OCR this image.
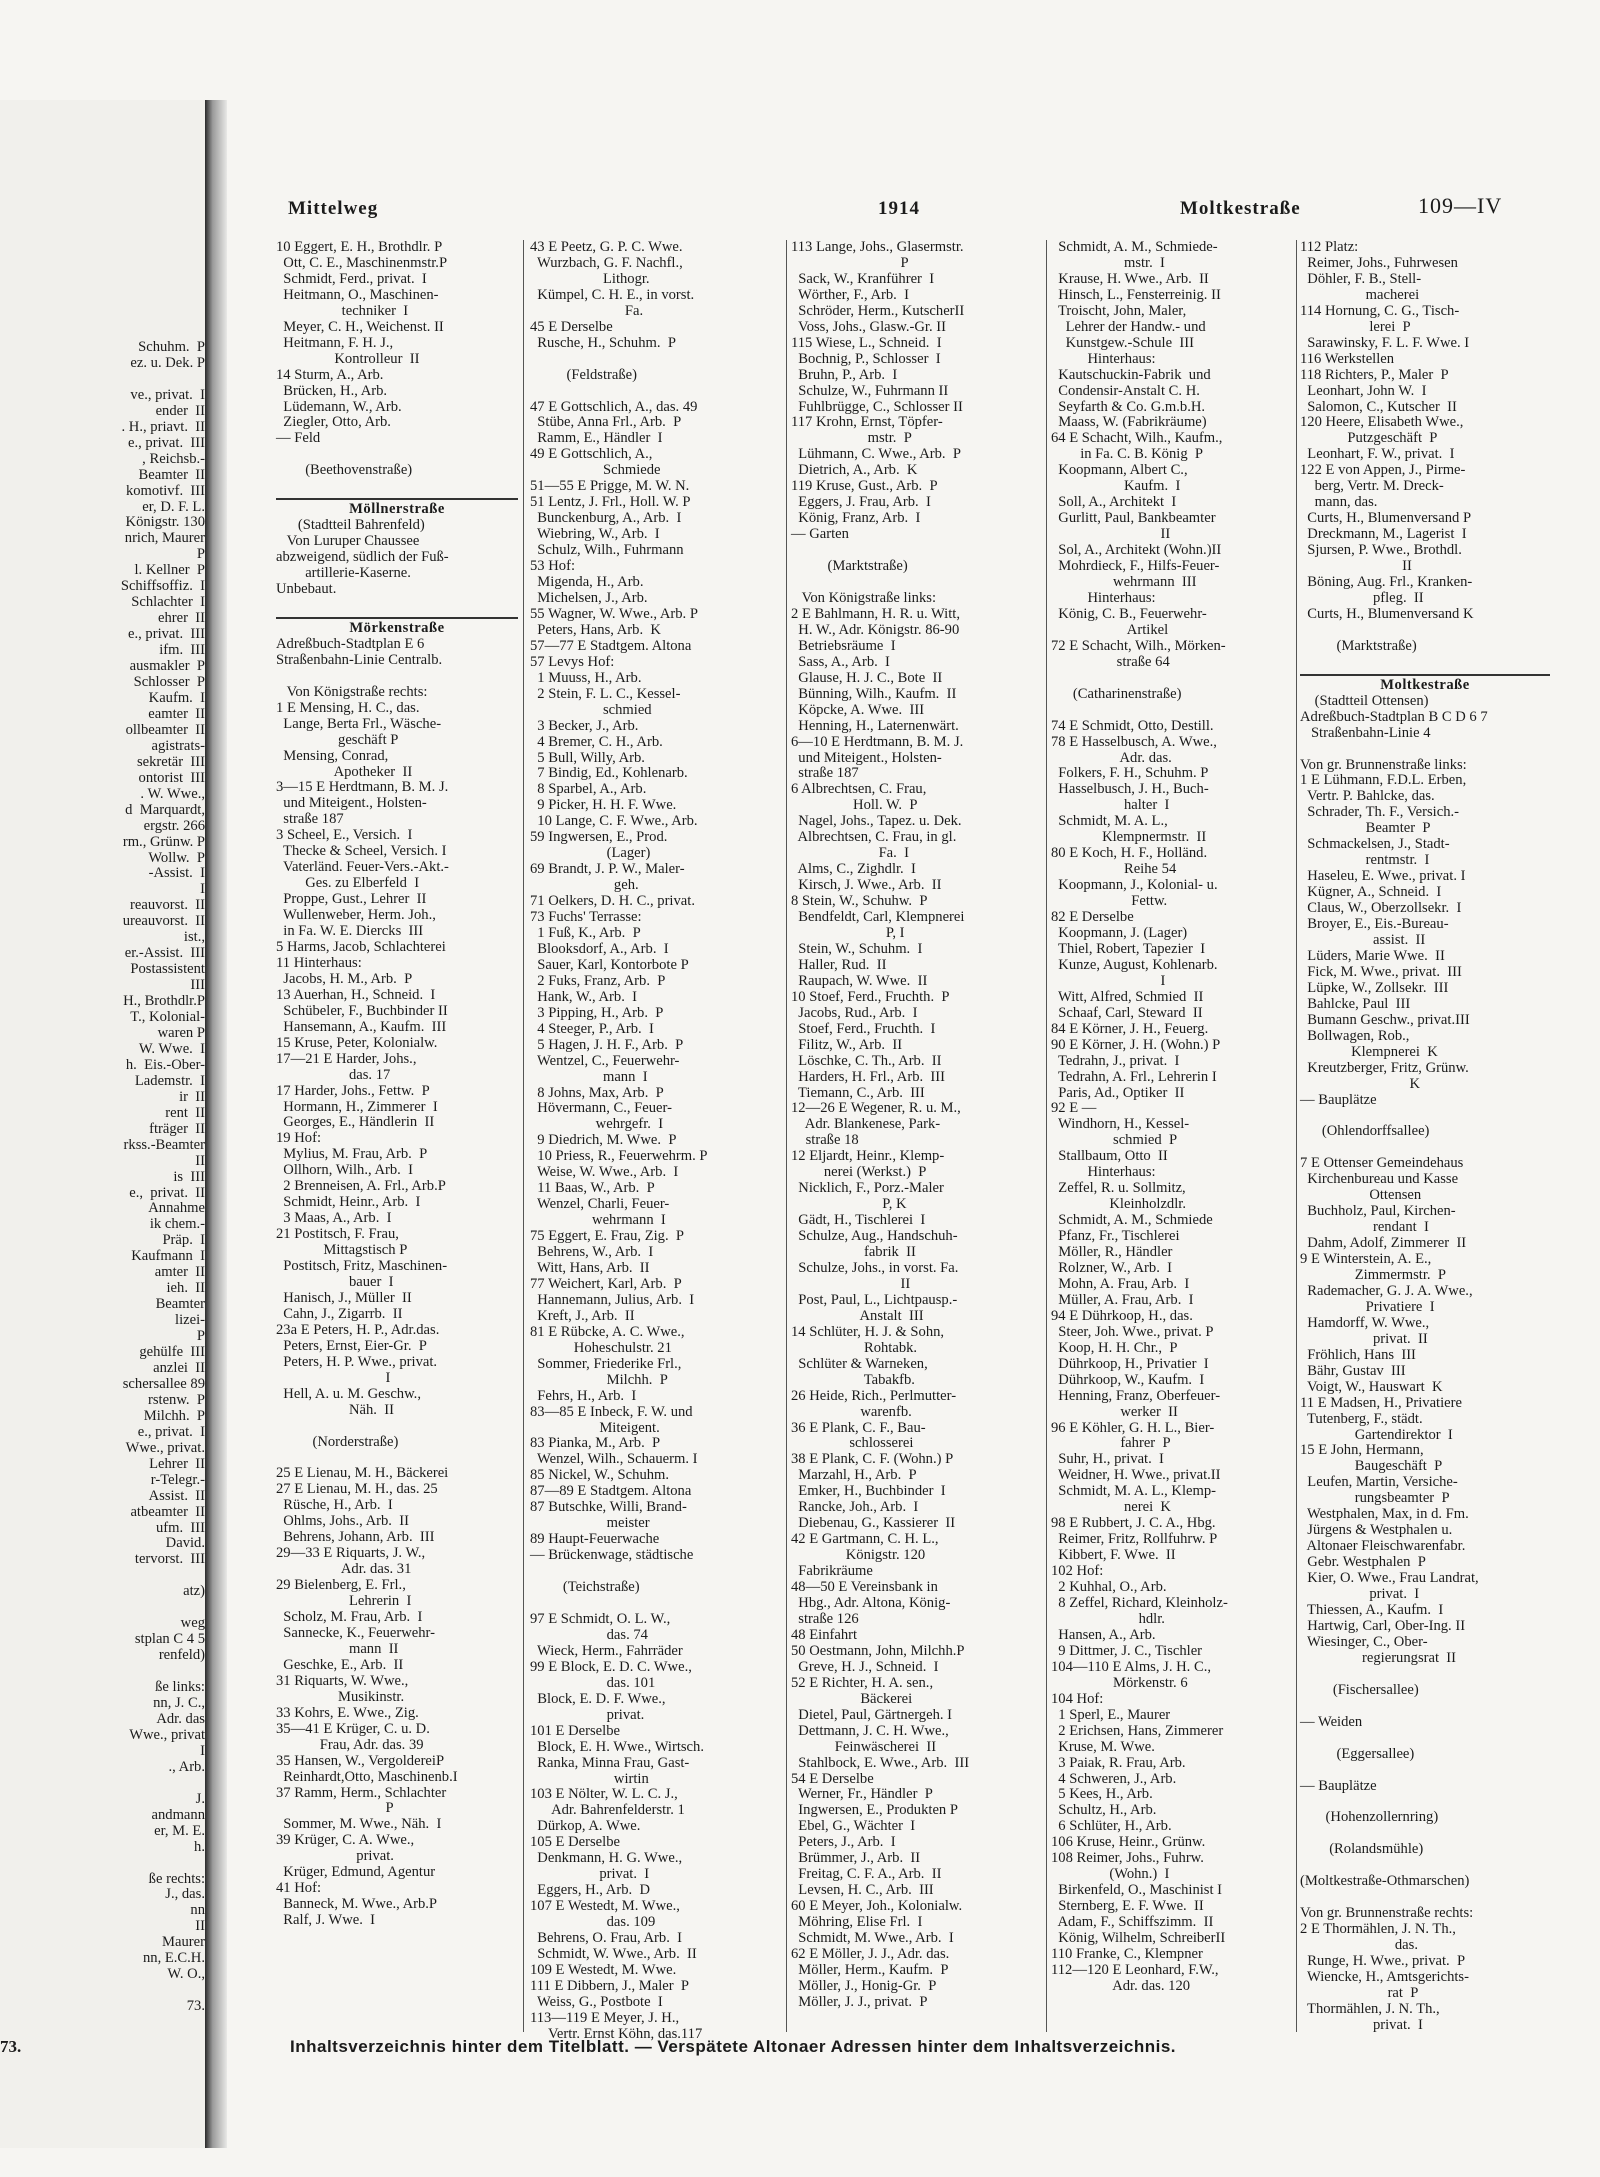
Schuhm.  P
ez. u. Dek. P

ve., privat.  I
ender  II
. H., priavt.  II
e., privat.  III
, Reichsb.-
Beamter  II
komotivf.  III
er, D. F. L.
Königstr. 130
nrich, Maurer
P
l. Kellner  P
Schiffsoffiz.  I
Schlachter  I
ehrer  II
e., privat.  III
ifm.  III
ausmakler  P
Schlosser  P
Kaufm.  I
eamter  II
ollbeamter  II
agistrats-
sekretär  III
ontorist  III
. W. Wwe.,
d  Marquardt,
ergstr. 266
rm., Grünw. P
Wollw.  P
-Assist.  I
I
reauvorst.  II
ureauvorst.  II
ist.,
er.-Assist.  III
Postassistent
III
H., Brothdlr.P
T., Kolonial-
waren P
W. Wwe.  I
h.  Eis.-Ober-
Lademstr.  I
ir  II
rent  II
fträger  II
rkss.-Beamter
II
is  III
e.,  privat.  II
Annahme
ik chem.-
Präp.  I
Kaufmann  I
amter  II
ieh.  II
Beamter
lizei-
P
gehülfe  III
anzlei  II
schersallee 89
rstenw.  P
Milchh.  P
e., privat.  I
Wwe., privat.
Lehrer  II
r-Telegr.-
Assist.  II
atbeamter  II
ufm.  III
David.
tervorst.  III

atz)

weg
stplan C 4 5
renfeld)

ße links:
nn, J. C.,
Adr. das
Wwe., privat
I
., Arb.

J.
andmann
er, M. E.
h.

ße rechts:
J., das.
nn
II
Maurer
nn, E.C.H.
W. O.,

73.
Mittelweg	1914	Moltkestraße	109—IV
10 Eggert, E. H., Brothdlr. P
Ott, C. E., Maschinenmstr.P
Schmidt, Ferd., privat.  I
Heitmann, O., Maschinen-
techniker  I
Meyer, C. H., Weichenst. II
Heitmann, F. H. J.,
Kontrolleur  II
14 Sturm, A., Arb.
Brücken, H., Arb.
Lüdemann, W., Arb.
Ziegler, Otto, Arb.
— Feld

(Beethovenstraße)

Möllnerstraße
(Stadtteil Bahrenfeld)
Von Luruper Chaussee
abzweigend, südlich der Fuß-
artillerie-Kaserne.
Unbebaut.

Mörkenstraße
Adreßbuch-Stadtplan E 6
Straßenbahn-Linie Centralb.

Von Königstraße rechts:
1 E Mensing, H. C., das.
Lange, Berta Frl., Wäsche-
geschäft P
Mensing, Conrad,
Apotheker  II
3—15 E Herdtmann, B. M. J.
und Miteigent., Holsten-
straße 187
3 Scheel, E., Versich.  I
Thecke & Scheel, Versich. I
Vaterländ. Feuer-Vers.-Akt.-
Ges. zu Elberfeld  I
Proppe, Gust., Lehrer  II
Wullenweber, Herm. Joh.,
in Fa. W. E. Diercks  III
5 Harms, Jacob, Schlachterei
11 Hinterhaus:
Jacobs, H. M., Arb.  P
13 Auerhan, H., Schneid.  I
Schübeler, F., Buchbinder II
Hansemann, A., Kaufm.  III
15 Kruse, Peter, Kolonialw.
17—21 E Harder, Johs.,
das. 17
17 Harder, Johs., Fettw.  P
Hormann, H., Zimmerer  I
Georges, E., Händlerin  II
19 Hof:
Mylius, M. Frau, Arb.  P
Ollhorn, Wilh., Arb.  I
2 Brenneisen, A. Frl., Arb.P
Schmidt, Heinr., Arb.  I
3 Maas, A., Arb.  I
21 Postitsch, F. Frau,
Mittagstisch P
Postitsch, Fritz, Maschinen-
bauer  I
Hanisch, J., Müller  II
Cahn, J., Zigarrb.  II
23a E Peters, H. P., Adr.das.
Peters, Ernst, Eier-Gr.  P
Peters, H. P. Wwe., privat.
I
Hell, A. u. M. Geschw.,
Näh.  II

(Norderstraße)

25 E Lienau, M. H., Bäckerei
27 E Lienau, M. H., das. 25
Rüsche, H., Arb.  I
Ohlms, Johs., Arb.  II
Behrens, Johann, Arb.  III
29—33 E Riquarts, J. W.,
Adr. das. 31
29 Bielenberg, E. Frl.,
Lehrerin  I
Scholz, M. Frau, Arb.  I
Sannecke, K., Feuerwehr-
mann  II
Geschke, E., Arb.  II
31 Riquarts, W. Wwe.,
Musikinstr.
33 Kohrs, E. Wwe., Zig.
35—41 E Krüger, C. u. D.
Frau, Adr. das. 39
35 Hansen, W., VergoldereiP
Reinhardt,Otto, Maschinenb.I
37 Ramm, Herm., Schlachter
P
Sommer, M. Wwe., Näh.  I
39 Krüger, C. A. Wwe.,
privat.
Krüger, Edmund, Agentur
41 Hof:
Banneck, M. Wwe., Arb.P
Ralf, J. Wwe.  I
43 E Peetz, G. P. C. Wwe.
Wurzbach, G. F. Nachfl.,
Lithogr.
Kümpel, C. H. E., in vorst.
Fa.
45 E Derselbe
Rusche, H., Schuhm.  P

(Feldstraße)

47 E Gottschlich, A., das. 49
Stübe, Anna Frl., Arb.  P
Ramm, E., Händler  I
49 E Gottschlich, A.,
Schmiede
51—55 E Prigge, M. W. N.
51 Lentz, J. Frl., Holl. W. P
Bunckenburg, A., Arb.  I
Wiebring, W., Arb.  I
Schulz, Wilh., Fuhrmann
53 Hof:
Migenda, H., Arb.
Michelsen, J., Arb.
55 Wagner, W. Wwe., Arb. P
Peters, Hans, Arb.  K
57—77 E Stadtgem. Altona
57 Levys Hof:
1 Muuss, H., Arb.
2 Stein, F. L. C., Kessel-
schmied
3 Becker, J., Arb.
4 Bremer, C. H., Arb.
5 Bull, Willy, Arb.
7 Bindig, Ed., Kohlenarb.
8 Sparbel, A., Arb.
9 Picker, H. H. F. Wwe.
10 Lange, C. F. Wwe., Arb.
59 Ingwersen, E., Prod.
(Lager)
69 Brandt, J. P. W., Maler-
geh.
71 Oelkers, D. H. C., privat.
73 Fuchs' Terrasse:
1 Fuß, K., Arb.  P
Blooksdorf, A., Arb.  I
Sauer, Karl, Kontorbote P
2 Fuks, Franz, Arb.  P
Hank, W., Arb.  I
3 Pipping, H., Arb.  P
4 Steeger, P., Arb.  I
5 Hagen, J. H. F., Arb.  P
Wentzel, C., Feuerwehr-
mann  I
8 Johns, Max, Arb.  P
Hövermann, C., Feuer-
wehrgefr.  I
9 Diedrich, M. Wwe.  P
10 Priess, R., Feuerwehrm. P
Weise, W. Wwe., Arb.  I
11 Baas, W., Arb.  P
Wenzel, Charli, Feuer-
wehrmann  I
75 Eggert, E. Frau, Zig.  P
Behrens, W., Arb.  I
Witt, Hans, Arb.  II
77 Weichert, Karl, Arb.  P
Hannemann, Julius, Arb.  I
Kreft, J., Arb.  II
81 E Rübcke, A. C. Wwe.,
Hoheschulstr. 21
Sommer, Friederike Frl.,
Milchh.  P
Fehrs, H., Arb.  I
83—85 E Inbeck, F. W. und
Miteigent.
83 Pianka, M., Arb.  P
Wenzel, Wilh., Schauerm. I
85 Nickel, W., Schuhm.
87—89 E Stadtgem. Altona
87 Butschke, Willi, Brand-
meister
89 Haupt-Feuerwache
— Brückenwage, städtische

(Teichstraße)

97 E Schmidt, O. L. W.,
das. 74
Wieck, Herm., Fahrräder
99 E Block, E. D. C. Wwe.,
das. 101
Block, E. D. F. Wwe.,
privat.
101 E Derselbe
Block, E. H. Wwe., Wirtsch.
Ranka, Minna Frau, Gast-
wirtin
103 E Nölter, W. L. C. J.,
Adr. Bahrenfelderstr. 1
Dürkop, A. Wwe.
105 E Derselbe
Denkmann, H. G. Wwe.,
privat.  I
Eggers, H., Arb.  D
107 E Westedt, M. Wwe.,
das. 109
Behrens, O. Frau, Arb.  I
Schmidt, W. Wwe., Arb.  II
109 E Westedt, M. Wwe.
111 E Dibbern, J., Maler  P
Weiss, G., Postbote  I
113—119 E Meyer, J. H.,
Vertr. Ernst Köhn, das.117
113 Lange, Johs., Glasermstr.
P
Sack, W., Kranführer  I
Wörther, F., Arb.  I
Schröder, Herm., KutscherII
Voss, Johs., Glasw.-Gr. II
115 Wiese, L., Schneid.  I
Bochnig, P., Schlosser  I
Bruhn, P., Arb.  I
Schulze, W., Fuhrmann II
Fuhlbrügge, C., Schlosser II
117 Krohn, Ernst, Töpfer-
mstr.  P
Lühmann, C. Wwe., Arb.  P
Dietrich, A., Arb.  K
119 Kruse, Gust., Arb.  P
Eggers, J. Frau, Arb.  I
König, Franz, Arb.  I
— Garten

(Marktstraße)

Von Königstraße links:
2 E Bahlmann, H. R. u. Witt,
H. W., Adr. Königstr. 86-90
Betriebsräume  I
Sass, A., Arb.  I
Glause, H. J. C., Bote  II
Bünning, Wilh., Kaufm.  II
Köpcke, A. Wwe.  III
Henning, H., Laternenwärt.
6—10 E Herdtmann, B. M. J.
und Miteigent., Holsten-
straße 187
6 Albrechtsen, C. Frau,
Holl. W.  P
Nagel, Johs., Tapez. u. Dek.
Albrechtsen, C. Frau, in gl.
Fa.  I
Alms, C., Zighdlr.  I
Kirsch, J. Wwe., Arb.  II
8 Stein, W., Schuhw.  P
Bendfeldt, Carl, Klempnerei
P, I
Stein, W., Schuhm.  I
Haller, Rud.  II
Raupach, W. Wwe.  II
10 Stoef, Ferd., Fruchth.  P
Jacobs, Rud., Arb.  I
Stoef, Ferd., Fruchth.  I
Filitz, W., Arb.  II
Löschke, C. Th., Arb.  II
Harders, H. Frl., Arb.  III
Tiemann, C., Arb.  III
12—26 E Wegener, R. u. M.,
Adr. Blankenese, Park-
straße 18
12 Eljardt, Heinr., Klemp-
nerei (Werkst.)  P
Nicklich, F., Porz.-Maler
P, K
Gädt, H., Tischlerei  I
Schulze, Aug., Handschuh-
fabrik  II
Schulze, Johs., in vorst. Fa.
II
Post, Paul, L., Lichtpausp.-
Anstalt  III
14 Schlüter, H. J. & Sohn,
Rohtabk.
Schlüter & Warneken,
Tabakfb.
26 Heide, Rich., Perlmutter-
warenfb.
36 E Plank, C. F., Bau-
schlosserei
38 E Plank, C. F. (Wohn.) P
Marzahl, H., Arb.  P
Emker, H., Buchbinder  I
Rancke, Joh., Arb.  I
Diebenau, G., Kassierer  II
42 E Gartmann, C. H. L.,
Königstr. 120
Fabrikräume
48—50 E Vereinsbank in
Hbg., Adr. Altona, König-
straße 126
48 Einfahrt
50 Oestmann, John, Milchh.P
Greve, H. J., Schneid.  I
52 E Richter, H. A. sen.,
Bäckerei
Dietel, Paul, Gärtnergeh. I
Dettmann, J. C. H. Wwe.,
Feinwäscherei  II
Stahlbock, E. Wwe., Arb.  III
54 E Derselbe
Werner, Fr., Händler  P
Ingwersen, E., Produkten P
Ebel, G., Wächter  I
Peters, J., Arb.  I
Brümmer, J., Arb.  II
Freitag, C. F. A., Arb.  II
Levsen, H. C., Arb.  III
60 E Meyer, Joh., Kolonialw.
Möhring, Elise Frl.  I
Schmidt, M. Wwe., Arb.  I
62 E Möller, J. J., Adr. das.
Möller, Herm., Kaufm.  P
Möller, J., Honig-Gr.  P
Möller, J. J., privat.  P
Schmidt, A. M., Schmiede-
mstr.  I
Krause, H. Wwe., Arb.  II
Hinsch, L., Fensterreinig. II
Troischt, John, Maler,
Lehrer der Handw.- und
Kunstgew.-Schule  III
Hinterhaus:
Kautschuckin-Fabrik  und
Condensir-Anstalt C. H.
Seyfarth & Co. G.m.b.H.
Maass, W. (Fabrikräume)
64 E Schacht, Wilh., Kaufm.,
in Fa. C. B. König  P
Koopmann, Albert C.,
Kaufm.  I
Soll, A., Architekt  I
Gurlitt, Paul, Bankbeamter
II
Sol, A., Architekt (Wohn.)II
Mohrdieck, F., Hilfs-Feuer-
wehrmann  III
Hinterhaus:
König, C. B., Feuerwehr-
Artikel
72 E Schacht, Wilh., Mörken-
straße 64

(Catharinenstraße)

74 E Schmidt, Otto, Destill.
78 E Hasselbusch, A. Wwe.,
Adr. das.
Folkers, F. H., Schuhm. P
Hasselbusch, J. H., Buch-
halter  I
Schmidt, M. A. L.,
Klempnermstr.  II
80 E Koch, H. F., Holländ.
Reihe 54
Koopmann, J., Kolonial- u.
Fettw.
82 E Derselbe
Koopmann, J. (Lager)
Thiel, Robert, Tapezier  I
Kunze, August, Kohlenarb.
I
Witt, Alfred, Schmied  II
Schaaf, Carl, Steward  II
84 E Körner, J. H., Feuerg.
90 E Körner, J. H. (Wohn.) P
Tedrahn, J., privat.  I
Tedrahn, A. Frl., Lehrerin I
Paris, Ad., Optiker  II
92 E —
Windhorn, H., Kessel-
schmied  P
Stallbaum, Otto  II
Hinterhaus:
Zeffel, R. u. Sollmitz,
Kleinholzdlr.
Schmidt, A. M., Schmiede
Pfanz, Fr., Tischlerei
Möller, R., Händler
Rolzner, W., Arb.  I
Mohn, A. Frau, Arb.  I
Müller, A. Frau, Arb.  I
94 E Dührkoop, H., das.
Steer, Joh. Wwe., privat. P
Koop, H. H. Chr.,  P
Dührkoop, H., Privatier  I
Dührkoop, W., Kaufm.  I
Henning, Franz, Oberfeuer-
werker  II
96 E Köhler, G. H. L., Bier-
fahrer  P
Suhr, H., privat.  I
Weidner, H. Wwe., privat.II
Schmidt, M. A. L., Klemp-
nerei  K
98 E Rubbert, J. C. A., Hbg.
Reimer, Fritz, Rollfuhrw. P
Kibbert, F. Wwe.  II
102 Hof:
2 Kuhhal, O., Arb.
8 Zeffel, Richard, Kleinholz-
hdlr.
Hansen, A., Arb.
9 Dittmer, J. C., Tischler
104—110 E Alms, J. H. C.,
Mörkenstr. 6
104 Hof:
1 Sperl, E., Maurer
2 Erichsen, Hans, Zimmerer
Kruse, M. Wwe.
3 Paiak, R. Frau, Arb.
4 Schweren, J., Arb.
5 Kees, H., Arb.
Schultz, H., Arb.
6 Schlüter, H., Arb.
106 Kruse, Heinr., Grünw.
108 Reimer, Johs., Fuhrw.
(Wohn.)  I
Birkenfeld, O., Maschinist I
Sternberg, E. F. Wwe.  II
Adam, F., Schiffszimm.  II
König, Wilhelm, SchreiberII
110 Franke, C., Klempner
112—120 E Leonhard, F.W.,
Adr. das. 120
112 Platz:
Reimer, Johs., Fuhrwesen
Döhler, F. B., Stell-
macherei
114 Hornung, C. G., Tisch-
lerei  P
Sarawinsky, F. L. F. Wwe. I
116 Werkstellen
118 Richters, P., Maler  P
Leonhart, John W.  I
Salomon, C., Kutscher  II
120 Heere, Elisabeth Wwe.,
Putzgeschäft  P
Leonhart, F. W., privat.  I
122 E von Appen, J., Pirme-
berg, Vertr. M. Dreck-
mann, das.
Curts, H., Blumenversand P
Dreckmann, M., Lagerist  I
Sjursen, P. Wwe., Brothdl.
II
Böning, Aug. Frl., Kranken-
pfleg.  II
Curts, H., Blumenversand K

(Marktstraße)

Moltkestraße
(Stadtteil Ottensen)
Adreßbuch-Stadtplan B C D 6 7
Straßenbahn-Linie 4

Von gr. Brunnenstraße links:
1 E Lühmann, F.D.L. Erben,
Vertr. P. Bahlcke, das.
Schrader, Th. F., Versich.-
Beamter  P
Schmackelsen, J., Stadt-
rentmstr.  I
Haseleu, E. Wwe., privat. I
Kügner, A., Schneid.  I
Claus, W., Oberzollsekr.  I
Broyer, E., Eis.-Bureau-
assist.  II
Lüders, Marie Wwe.  II
Fick, M. Wwe., privat.  III
Lüpke, W., Zollsekr.  III
Bahlcke, Paul  III
Bumann Geschw., privat.III
Bollwagen, Rob.,
Klempnerei  K
Kreutzberger, Fritz, Grünw.
K
— Bauplätze

(Ohlendorffsallee)

7 E Ottenser Gemeindehaus
Kirchenbureau und Kasse
Ottensen
Buchholz, Paul, Kirchen-
rendant  I
Dahm, Adolf, Zimmerer  II
9 E Winterstein, A. E.,
Zimmermstr.  P
Rademacher, G. J. A. Wwe.,
Privatiere  I
Hamdorff, W. Wwe.,
privat.  II
Fröhlich, Hans  III
Bähr, Gustav  III
Voigt, W., Hauswart  K
11 E Madsen, H., Privatiere
Tutenberg, F., städt.
Gartendirektor  I
15 E John, Hermann,
Baugeschäft  P
Leufen, Martin, Versiche-
rungsbeamter  P
Westphalen, Max, in d. Fm.
Jürgens & Westphalen u.
Altonaer Fleischwarenfabr.
Gebr. Westphalen  P
Kier, O. Wwe., Frau Landrat,
privat.  I
Thiessen, A., Kaufm.  I
Hartwig, Carl, Ober-Ing. II
Wiesinger, C., Ober-
regierungsrat  II

(Fischersallee)

— Weiden

(Eggersallee)

— Bauplätze

(Hohenzollernring)

(Rolandsmühle)

(Moltkestraße-Othmarschen)

Von gr. Brunnenstraße rechts:
2 E Thormählen, J. N. Th.,
das.
Runge, H. Wwe., privat.  P
Wiencke, H., Amtsgerichts-
rat  P
Thormählen, J. N. Th.,
privat.  I
73.	Inhaltsverzeichnis hinter dem Titelblatt. — Verspätete Altonaer Adressen hinter dem Inhaltsverzeichnis.
